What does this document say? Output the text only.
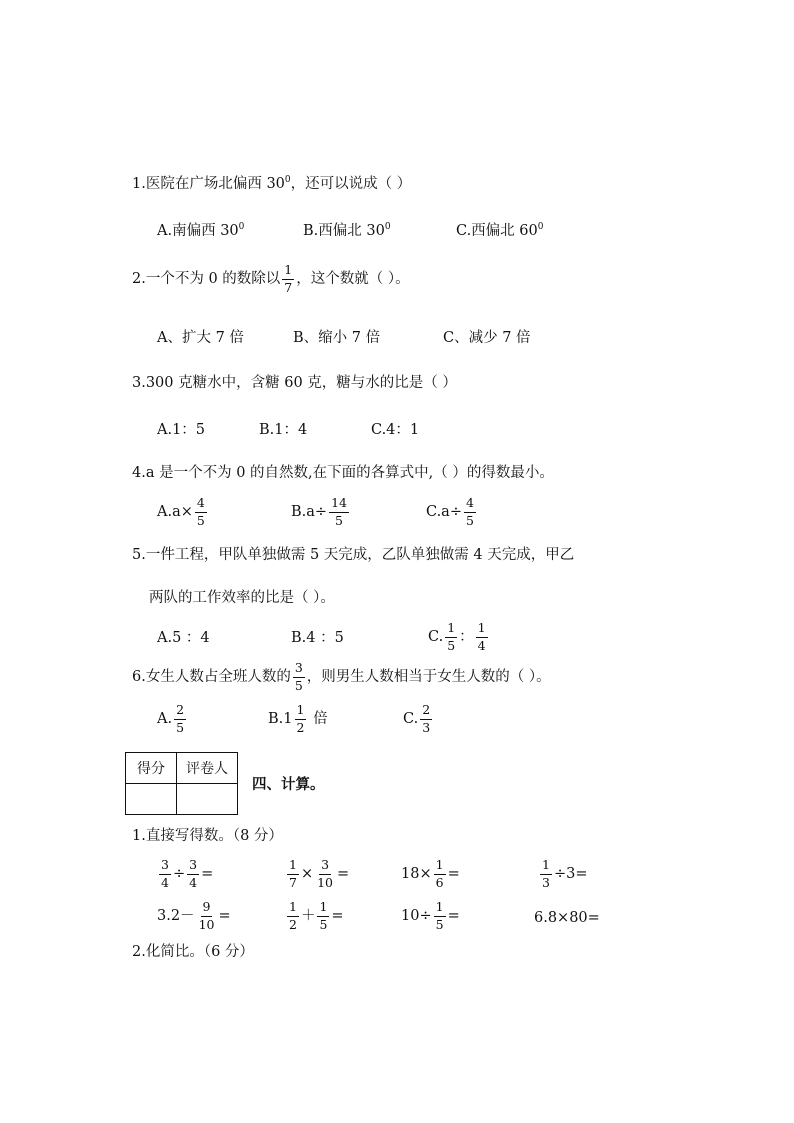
1.医院在广场北偏西 $30^0$，还可以说成（ ）
A.南偏西 $30^0$	B.西偏北 $30^0$	C.西偏北 $60^0$
2.一个不为 0 的数除以 $\frac{1}{7}$ ，这个数就（ ）。
A、扩大 7 倍	B、缩小 7 倍	C、减少 7 倍
3.300 克糖水中，含糖 60 克，糖与水的比是（ ）
A.1：5	B.1：4	C.4：1
4.a 是一个不为 0 的自然数,在下面的各算式中,（ ）的得数最小。
$A.a\times \frac{4}{5}$	$B.a\div \frac{14}{5}$	$C.a\div \frac{4}{5}$
5.一件工程，甲队单独做需 5 天完成，乙队单独做需 4 天完成，甲乙
两队的工作效率的比是（ ）。
A.5 ：4	B.4 ：5	C. $\frac{1}{5}$ ： $\frac{1}{4}$
6.女生人数占全班人数的 $\frac{3}{5}$ ，则男生人数相当于女生人数的（ ）。
A. $\frac{2}{5}$	$B.1 \frac{1}{2}$ 倍	C. $\frac{2}{3}$
得分	评卷人

四、计算。
1.直接写得数。（8 分）
$\frac{3}{4} \div \frac{3}{4}$ =	$\frac{1}{7} \times \frac{3}{10}$ =	$18\times \frac{1}{6}$ =	$\frac{1}{3} \div 3=$
$3.2- \frac{9}{10}$ =	$\frac{1}{2} + \frac{1}{5}$ =	$10\div \frac{1}{5}$ =	6.8×80=
2.化简比。（6 分）
